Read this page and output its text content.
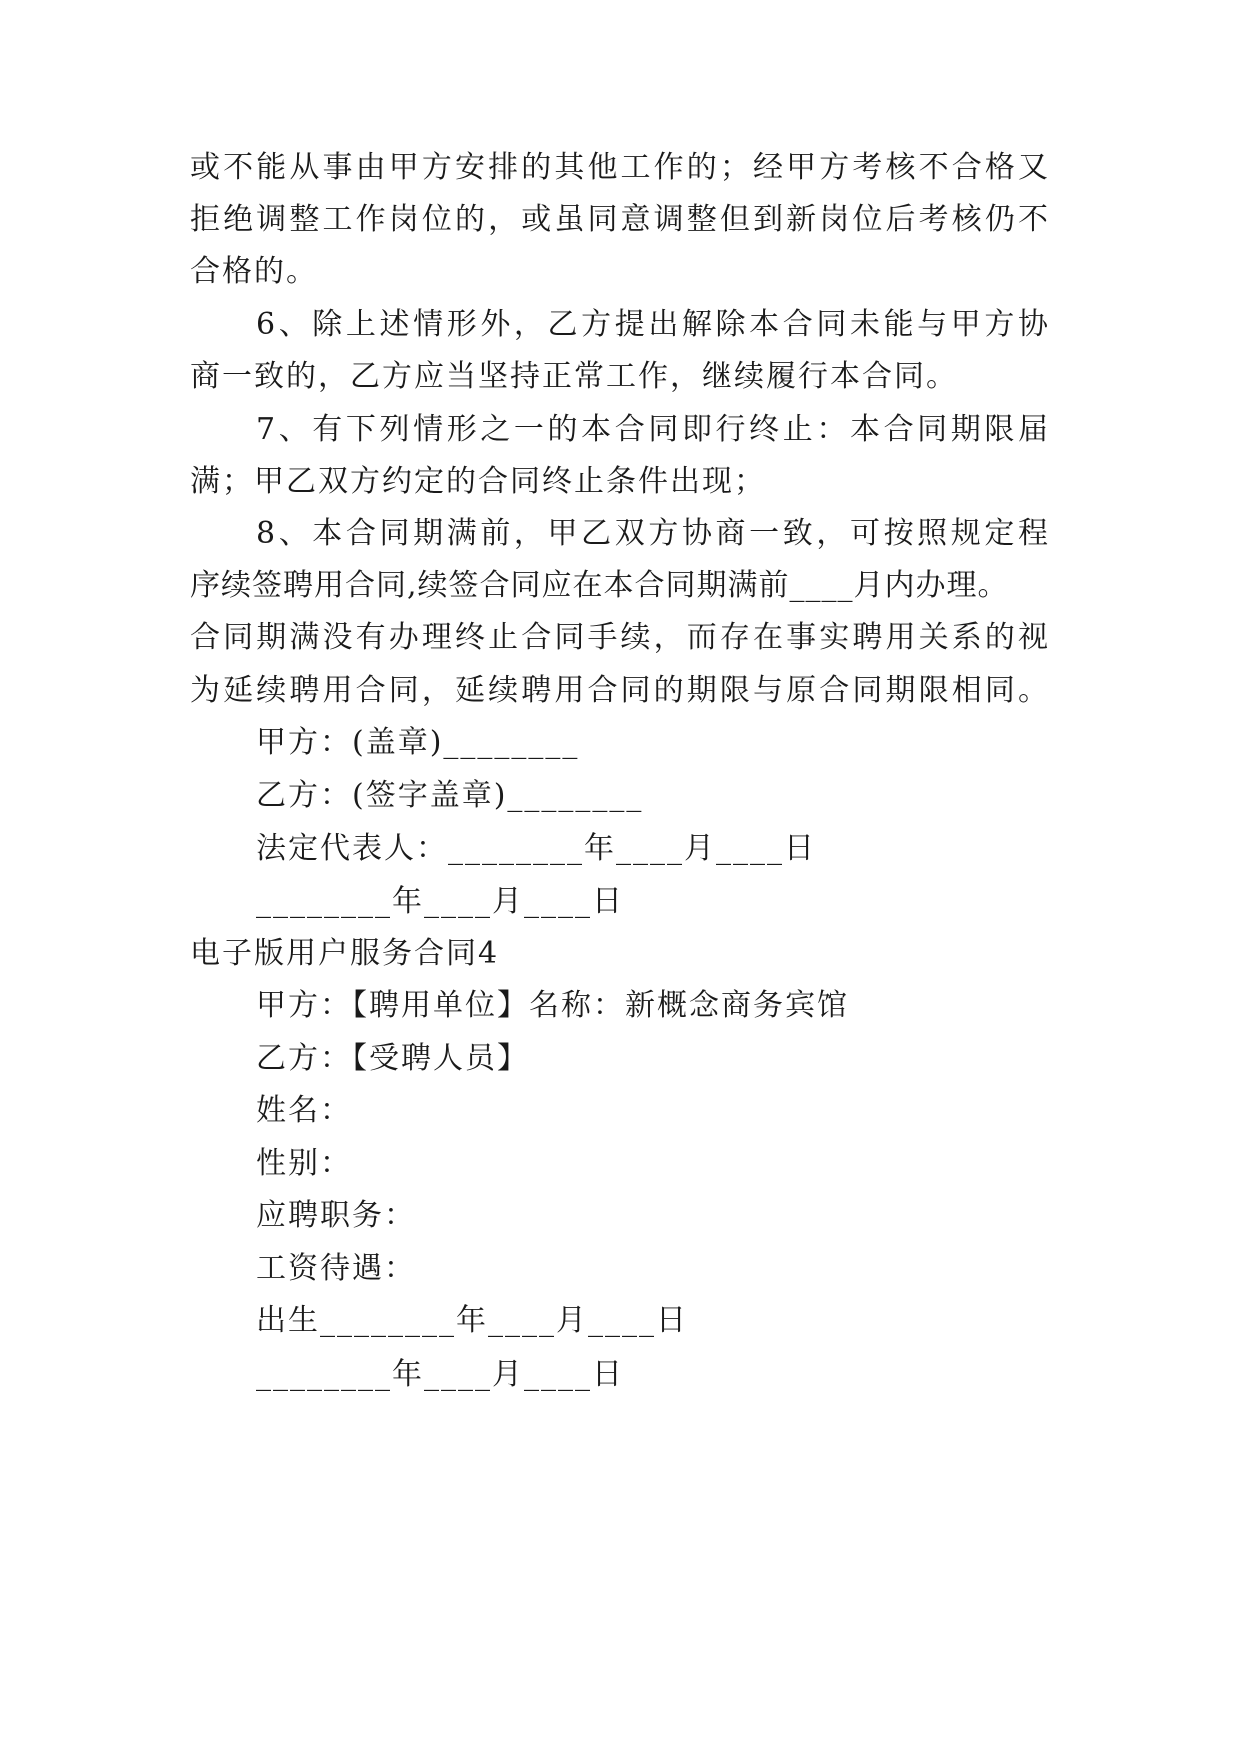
或不能从事由甲方安排的其他工作的；经甲方考核不合格又
拒绝调整工作岗位的，或虽同意调整但到新岗位后考核仍不
合格的。
6、除上述情形外，乙方提出解除本合同未能与甲方协
商一致的，乙方应当坚持正常工作，继续履行本合同。
7、有下列情形之一的本合同即行终止：本合同期限届
满；甲乙双方约定的合同终止条件出现；
8、本合同期满前，甲乙双方协商一致，可按照规定程
序续签聘用合同,续签合同应在本合同期满前____月内办理。
合同期满没有办理终止合同手续，而存在事实聘用关系的视
为延续聘用合同，延续聘用合同的期限与原合同期限相同。
甲方：(盖章)________
乙方：(签字盖章)________
法定代表人：________年____月____日
________年____月____日
电子版用户服务合同4
甲方：【聘用单位】名称：新概念商务宾馆
乙方：【受聘人员】
姓名：
性别：
应聘职务：
工资待遇：
出生________年____月____日
________年____月____日
